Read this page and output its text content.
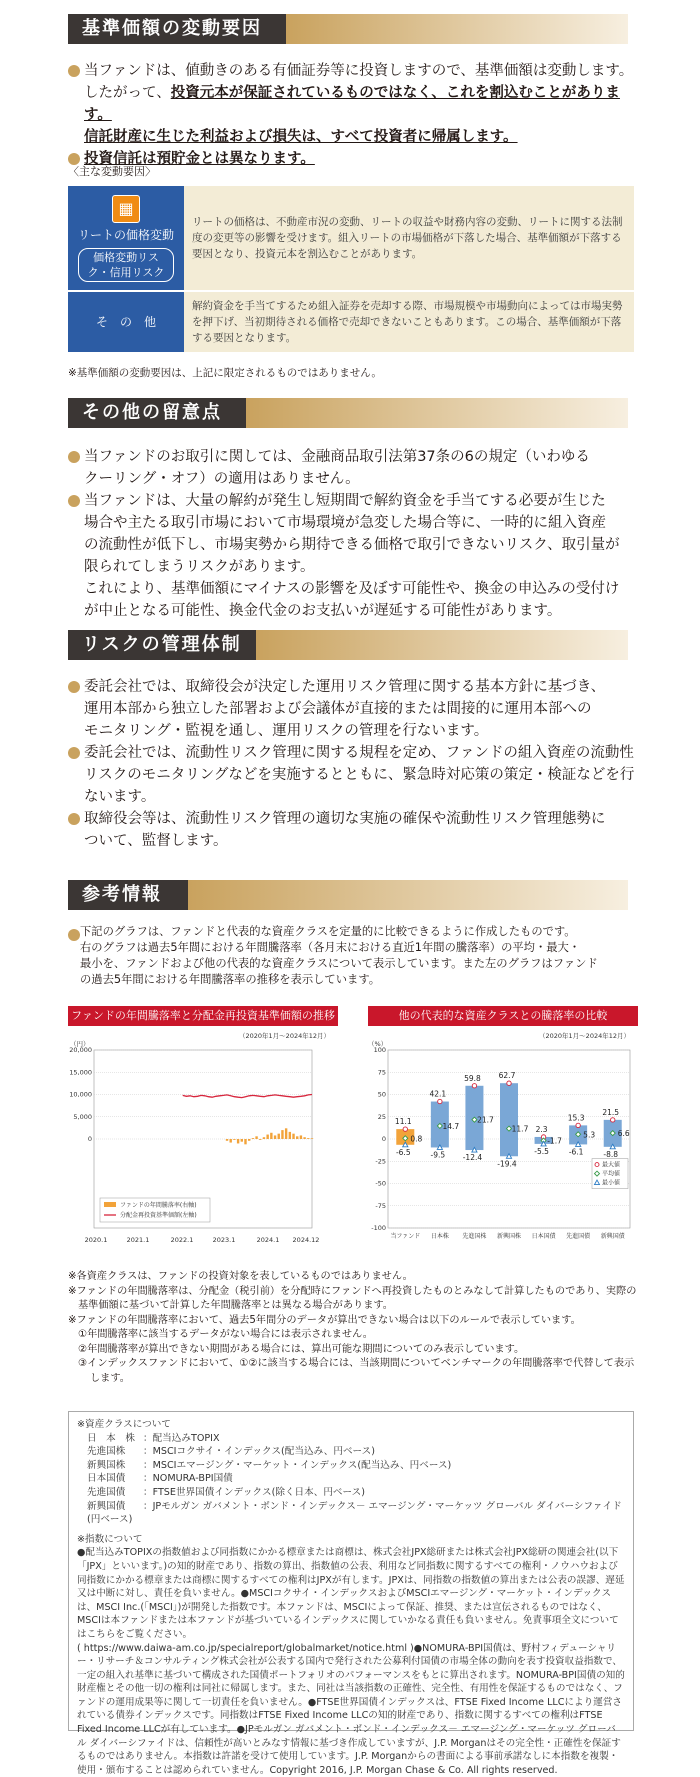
基準価額の変動要因

当ファンドは、値動きのある有価証券等に投資しますので、基準価額は変動します。

したがって、投資元本が保証されているものではなく、これを割込むことがあります。

信託財産に生じた利益および損失は、すべて投資者に帰属します。

投資信託は預貯金とは異なります。

〈主な変動要因〉
▦
リートの価格変動
価格変動リスク・信用リスク	リートの価格は、不動産市況の変動、リートの収益や財務内容の変動、リートに関する法制度の変更等の影響を受けます。組入リートの市場価格が下落した場合、基準価額が下落する要因となり、投資元本を割込むことがあります。
そ　の　他	解約資金を手当てするため組入証券を売却する際、市場規模や市場動向によっては市場実勢を押下げ、当初期待される価格で売却できないこともあります。この場合、基準価額が下落する要因となります。
※基準価額の変動要因は、上記に限定されるものではありません。
その他の留意点

当ファンドのお取引に関しては、金融商品取引法第37条の6の規定（いわゆる

クーリング・オフ）の適用はありません。

当ファンドは、大量の解約が発生し短期間で解約資金を手当てする必要が生じた

場合や主たる取引市場において市場環境が急変した場合等に、一時的に組入資産

の流動性が低下し、市場実勢から期待できる価格で取引できないリスク、取引量が

限られてしまうリスクがあります。

これにより、基準価額にマイナスの影響を及ぼす可能性や、換金の申込みの受付け

が中止となる可能性、換金代金のお支払いが遅延する可能性があります。

リスクの管理体制

委託会社では、取締役会が決定した運用リスク管理に関する基本方針に基づき、

運用本部から独立した部署および会議体が直接的または間接的に運用本部への

モニタリング・監視を通し、運用リスクの管理を行ないます。

委託会社では、流動性リスク管理に関する規程を定め、ファンドの組入資産の流動性

リスクのモニタリングなどを実施するとともに、緊急時対応策の策定・検証などを行

ないます。

取締役会等は、流動性リスク管理の適切な実施の確保や流動性リスク管理態勢に

ついて、監督します。

参考情報

下記のグラフは、ファンドと代表的な資産クラスを定量的に比較できるように作成したものです。

右のグラフは過去5年間における年間騰落率（各月末における直近1年間の騰落率）の平均・最大・

最小を、ファンドおよび他の代表的な資産クラスについて表示しています。また左のグラフはファンド

の過去5年間における年間騰落率の推移を表示しています。

ファンドの年間騰落率と分配金再投資基準価額の推移
（2020年1月～2024年12月）
（円）
20,000
15,000
10,000
5,000
0
2020.1	2021.1	2022.1	2023.1	2024.1 2024.12
ファンドの年間騰落率(右軸)
分配金再投資基準価額(左軸)
他の代表的な資産クラスとの騰落率の比較
（2020年1月～2024年12月）
（%）
100
75
50
25
0
-25
-50
-75
-100
11.1
0.8
-6.5
当ファンド
42.1
14.7
-9.5
日本株
59.8
21.7
-12.4
先進国株
62.7
11.7
-19.4
新興国株
2.3
-1.7
-5.5
日本国債
15.3
5.3
-6.1
先進国債
21.5
6.6
-8.8
新興国債
最大値
平均値
最小値

※各資産クラスは、ファンドの投資対象を表しているものではありません。

※ファンドの年間騰落率は、分配金（税引前）を分配時にファンドへ再投資したものとみなして計算したものであり、実際の

基準価額に基づいて計算した年間騰落率とは異なる場合があります。

※ファンドの年間騰落率において、過去5年間分のデータが算出できない場合は以下のルールで表示しています。

①年間騰落率に該当するデータがない場合には表示されません。

②年間騰落率が算出できない期間がある場合には、算出可能な期間についてのみ表示しています。

③インデックスファンドにおいて、①②に該当する場合には、当該期間についてベンチマークの年間騰落率で代替して表示

します。

※資産クラスについて

日　本　株 ：配当込みTOPIX
先進国株 ：MSCIコクサイ・インデックス(配当込み、円ベース)
新興国株 ：MSCIエマージング・マーケット・インデックス(配当込み、円ベース)
日本国債 ：NOMURA-BPI国債
先進国債 ：FTSE世界国債インデックス(除く日本、円ベース)
新興国債 ：JPモルガン ガバメント・ボンド・インデックス－ エマージング・マーケッツ グローバル ダイバーシファイド(円ベース)

※指数について

●配当込みTOPIXの指数値および同指数にかかる標章または商標は、株式会社JPX総研または株式会社JPX総研の関連会社(以下「JPX」といいます。)の知的財産であり、指数の算出、指数値の公表、利用など同指数に関するすべての権利・ノウハウおよび同指数にかかる標章または商標に関するすべての権利はJPXが有します。JPXは、同指数の指数値の算出または公表の誤謬、遅延又は中断に対し、責任を負いません。●MSCIコクサイ・インデックスおよびMSCIエマージング・マーケット・インデックスは、MSCI Inc.(「MSCI」)が開発した指数です。本ファンドは、MSCIによって保証、推奨、または宣伝されるものではなく、MSCIは本ファンドまたは本ファンドが基づいているインデックスに関していかなる責任も負いません。免責事項全文についてはこちらをご覧ください。

( https://www.daiwa-am.co.jp/specialreport/globalmarket/notice.html )●NOMURA-BPI国債は、野村フィデューシャリー・リサーチ＆コンサルティング株式会社が公表する国内で発行された公募利付国債の市場全体の動向を表す投資収益指数で、一定の組入れ基準に基づいて構成された国債ポートフォリオのパフォーマンスをもとに算出されます。NOMURA-BPI国債の知的財産権とその他一切の権利は同社に帰属します。また、同社は当該指数の正確性、完全性、有用性を保証するものではなく、ファンドの運用成果等に関して一切責任を負いません。●FTSE世界国債インデックスは、FTSE Fixed Income LLCにより運営されている債券インデックスです。同指数はFTSE Fixed Income LLCの知的財産であり、指数に関するすべての権利はFTSE Fixed Income LLCが有しています。●JPモルガン ガバメント・ボンド・インデックス－ エマージング・マーケッツ グローバル ダイバーシファイドは、信頼性が高いとみなす情報に基づき作成していますが、J.P. Morganはその完全性・正確性を保証するものではありません。本指数は許諾を受けて使用しています。J.P. Morganからの書面による事前承諾なしに本指数を複製・使用・頒布することは認められていません。Copyright 2016, J.P. Morgan Chase & Co. All rights reserved.
